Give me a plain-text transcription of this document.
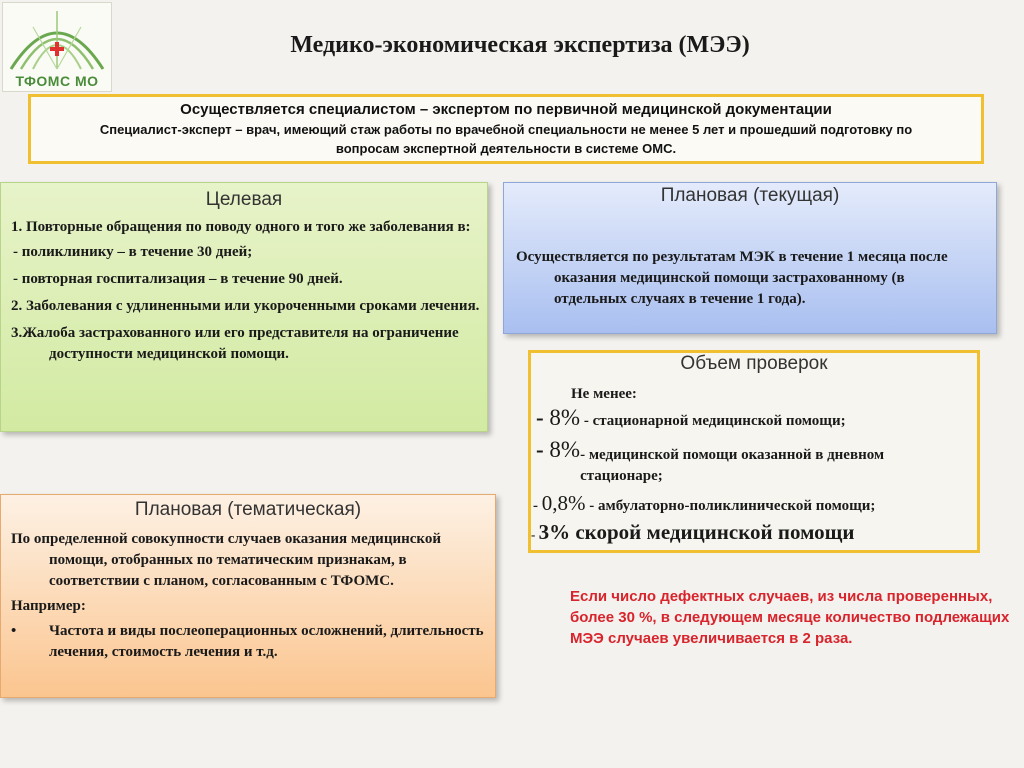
ТФОМС МО
Медико-экономическая экспертиза (МЭЭ)
Осуществляется специалистом – экспертом по первичной медицинской документации
Специалист-эксперт – врач, имеющий стаж работы по врачебной специальности не менее 5 лет и прошедший подготовку по вопросам экспертной деятельности в системе ОМС.
Целевая
1. Повторные обращения по поводу одного и того же заболевания в:
- поликлинику – в течение 30 дней;
- повторная госпитализация – в течение 90 дней.
2. Заболевания с удлиненными или укороченными сроками лечения.
3.Жалоба застрахованного или его представителя на ограничение доступности медицинской помощи.
Плановая (текущая)
Осуществляется по результатам МЭК в течение 1 месяца после оказания медицинской помощи застрахованному (в отдельных случаях в течение 1 года).
Объем проверок
Не менее:
- 8% - стационарной медицинской помощи;
- 8% - медицинской помощи оказанной в дневном стационаре;
- 0,8% - амбулаторно-поликлинической помощи;
- 3% скорой медицинской помощи
Плановая (тематическая)
По определенной совокупности случаев оказания медицинской помощи, отобранных по тематическим признакам, в соответствии с планом, согласованным с ТФОМС.
Например:
•	Частота и виды послеоперационных осложнений, длительность лечения, стоимость лечения и т.д.
Если число дефектных случаев, из числа проверенных, более 30 %, в следующем месяце количество подлежащих МЭЭ случаев увеличивается в 2 раза.
